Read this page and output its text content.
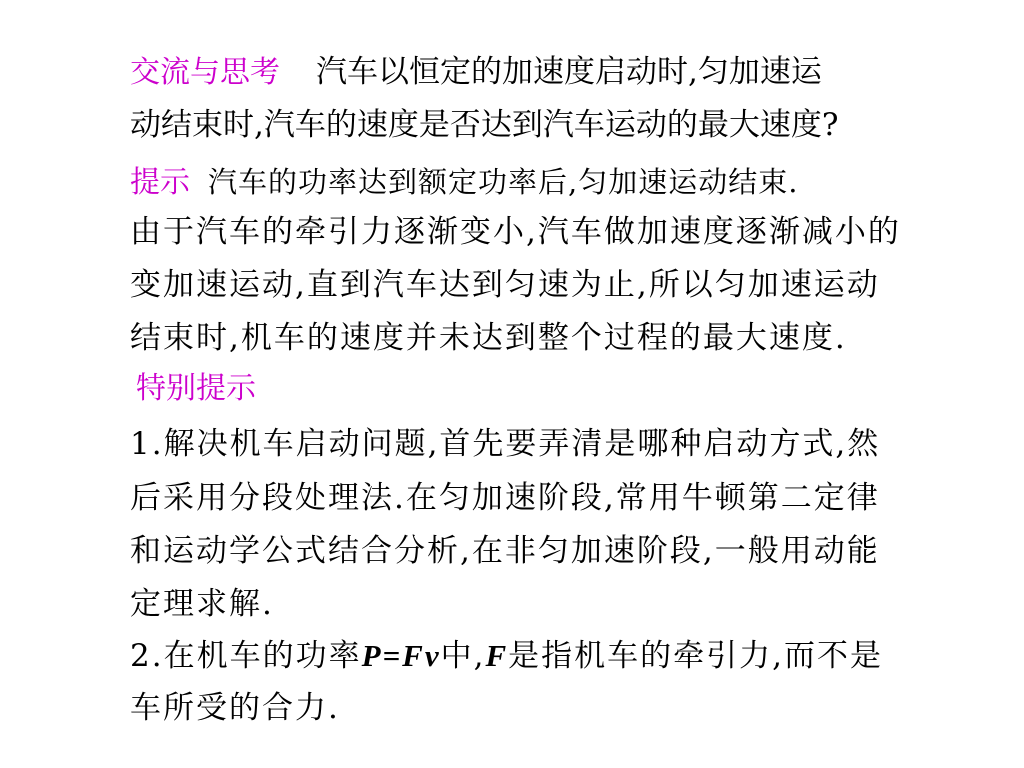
交流与思考 汽车以恒定的加速度启动时,匀加速运
动结束时,汽车的速度是否达到汽车运动的最大速度?
提示 汽车的功率达到额定功率后,匀加速运动结束.
由于汽车的牵引力逐渐变小,汽车做加速度逐渐减小的
变加速运动,直到汽车达到匀速为止,所以匀加速运动
结束时,机车的速度并未达到整个过程的最大速度.
特别提示
1.解决机车启动问题,首先要弄清是哪种启动方式,然
后采用分段处理法.在匀加速阶段,常用牛顿第二定律
和运动学公式结合分析,在非匀加速阶段,一般用动能
定理求解.
2.在机车的功率P=Fv中,F是指机车的牵引力,而不是
车所受的合力.
